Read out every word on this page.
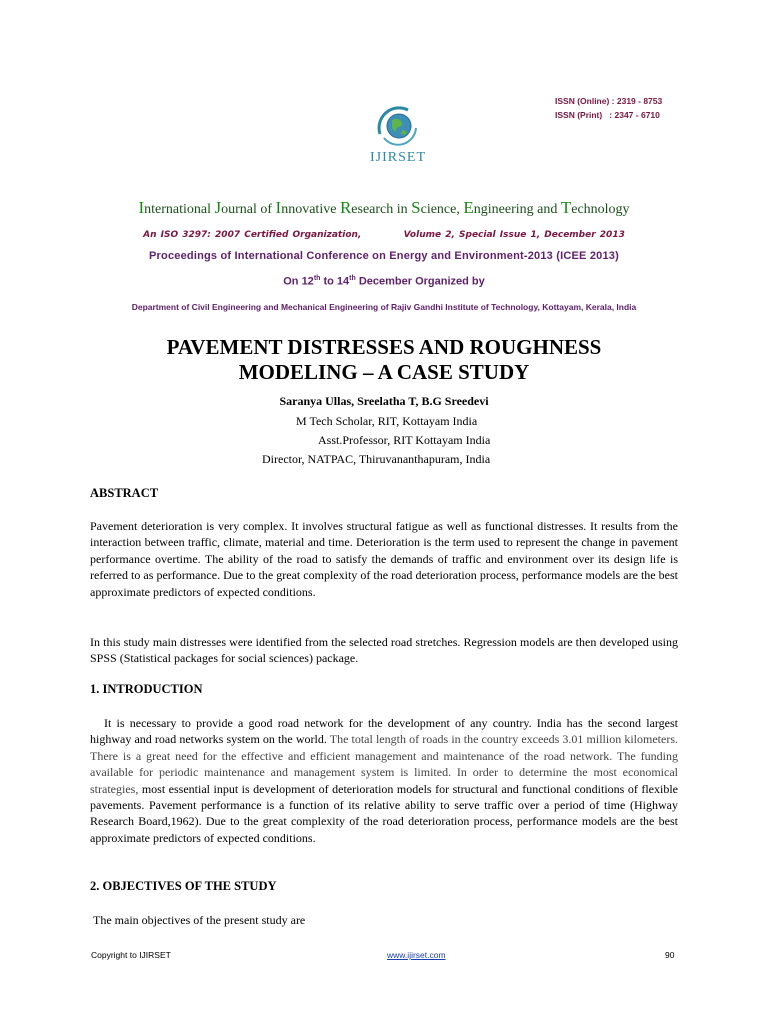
ISSN (Online) : 2319 - 8753
ISSN (Print)   : 2347 - 6710
IJIRSET
International Journal of Innovative Research in Science, Engineering and Technology
An ISO 3297: 2007 Certified Organization,	Volume 2, Special Issue 1, December 2013
Proceedings of International Conference on Energy and Environment-2013 (ICEE 2013)
On 12th to 14th December Organized by
Department of Civil Engineering and Mechanical Engineering of Rajiv Gandhi Institute of Technology, Kottayam, Kerala, India
PAVEMENT DISTRESSES AND ROUGHNESS
MODELING – A CASE STUDY
Saranya Ullas, Sreelatha T, B.G Sreedevi
M Tech Scholar, RIT, Kottayam India
Asst.Professor, RIT Kottayam India
Director, NATPAC, Thiruvananthapuram, India
ABSTRACT
Pavement deterioration is very complex. It involves structural fatigue as well as functional distresses. It results from the interaction between traffic, climate, material and time. Deterioration is the term used to represent the change in pavement performance overtime. The ability of the road to satisfy the demands of traffic and environment over its design life is referred to as performance. Due to the great complexity of the road deterioration process, performance models are the best approximate predictors of expected conditions.
In this study main distresses were identified from the selected road stretches. Regression models are then developed using SPSS (Statistical packages for social sciences) package.
1. INTRODUCTION
It is necessary to provide a good road network for the development of any country. India has the second largest highway and road networks system on the world. The total length of roads in the country exceeds 3.01 million kilometers. There is a great need for the effective and efficient management and maintenance of the road network. The funding available for periodic maintenance and management system is limited. In order to determine the most economical strategies, most essential input is development of deterioration models for structural and functional conditions of flexible pavements. Pavement performance is a function of its relative ability to serve traffic over a period of time (Highway Research Board,1962). Due to the great complexity of the road deterioration process, performance models are the best approximate predictors of expected conditions.
2. OBJECTIVES OF THE STUDY
The main objectives of the present study are
Copyright to IJIRSET	www.ijirset.com	90
